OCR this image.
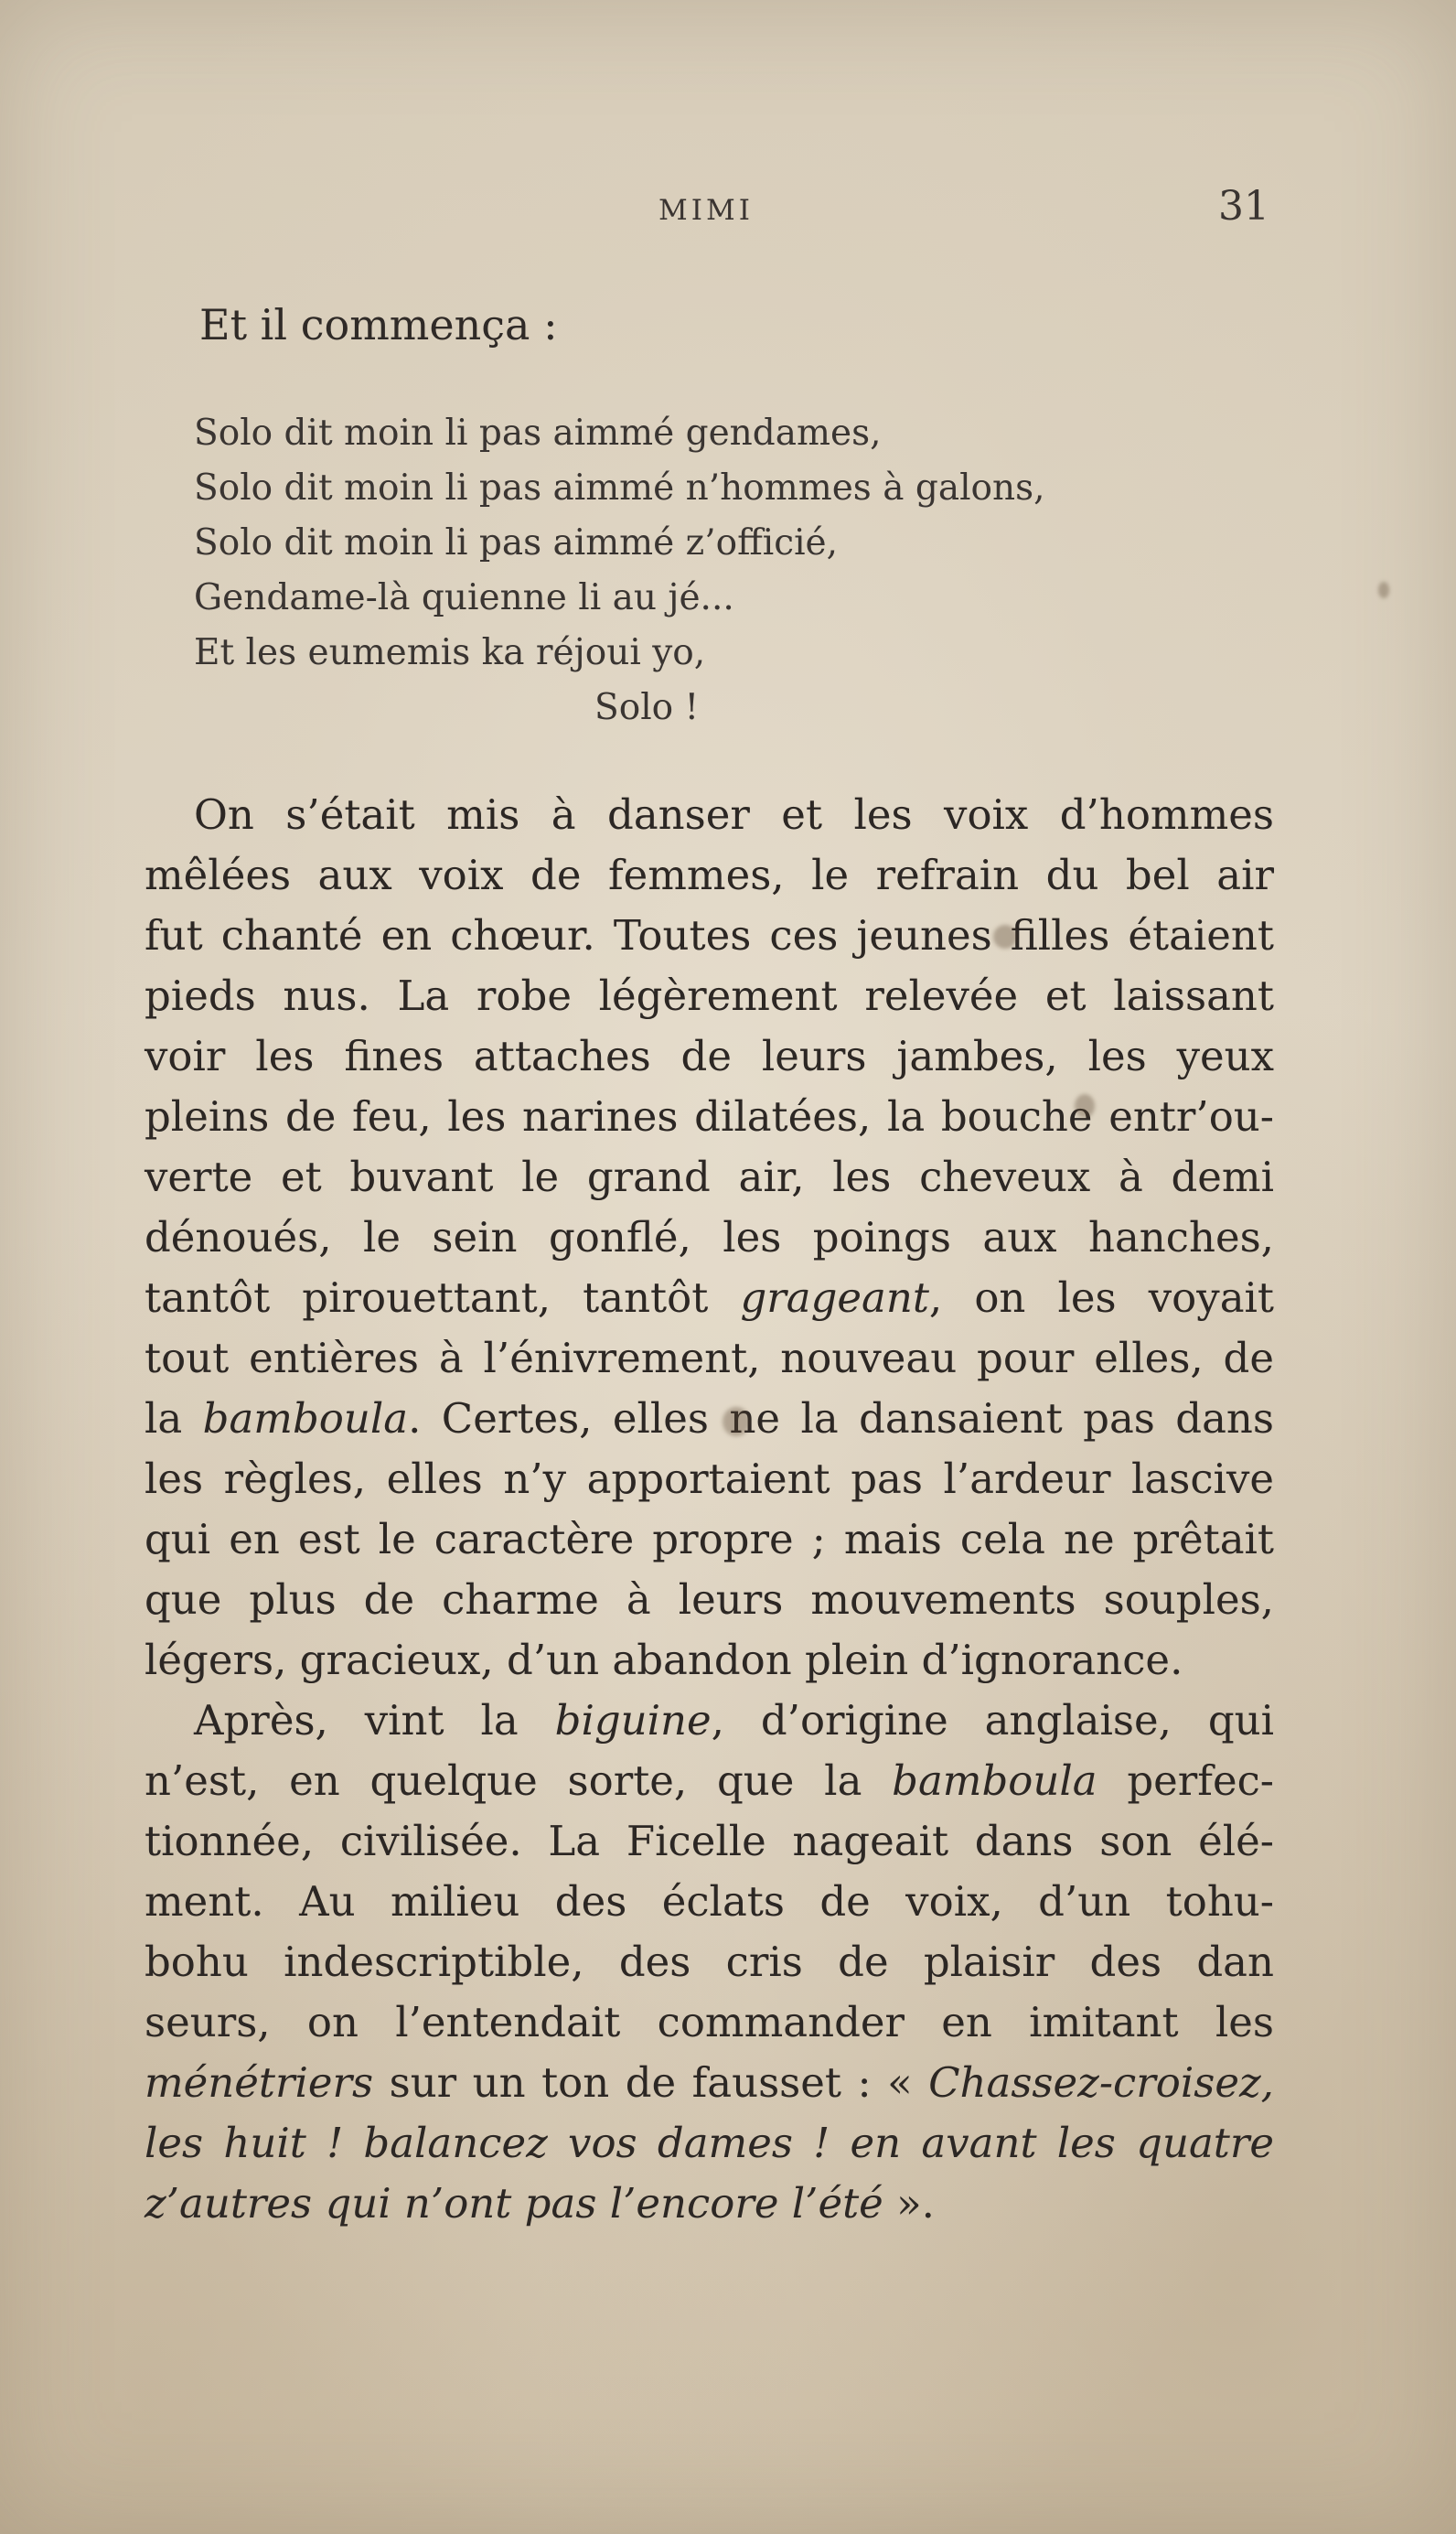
MIMI	31
Et il commença :
Solo dit moin li pas aimmé gendames,
Solo dit moin li pas aimmé n’hommes à galons,
Solo dit moin li pas aimmé z’officié,
Gendame-là quienne li au jé...
Et les eumemis ka réjoui yo,
Solo !
On s’était mis à danser et les voix d’hommes
mêlées aux voix de femmes, le refrain du bel air
fut chanté en chœur. Toutes ces jeunes filles étaient
pieds nus. La robe légèrement relevée et laissant
voir les fines attaches de leurs jambes, les yeux
pleins de feu, les narines dilatées, la bouche entr’ou-
verte et buvant le grand air, les cheveux à demi
dénoués, le sein gonflé, les poings aux hanches,
tantôt pirouettant, tantôt grageant, on les voyait
tout entières à l’énivrement, nouveau pour elles, de
la bamboula. Certes, elles ne la dansaient pas dans
les règles, elles n’y apportaient pas l’ardeur lascive
qui en est le caractère propre ; mais cela ne prêtait
que plus de charme à leurs mouvements souples,
légers, gracieux, d’un abandon plein d’ignorance.
Après, vint la biguine, d’origine anglaise, qui
n’est, en quelque sorte, que la bamboula perfec-
tionnée, civilisée. La Ficelle nageait dans son élé-
ment. Au milieu des éclats de voix, d’un tohu-
bohu indescriptible, des cris de plaisir des dan
seurs, on l’entendait commander en imitant les
ménétriers sur un ton de fausset : « Chassez-croisez,
les huit ! balancez vos dames ! en avant les quatre
z’autres qui n’ont pas l’encore l’été ».
